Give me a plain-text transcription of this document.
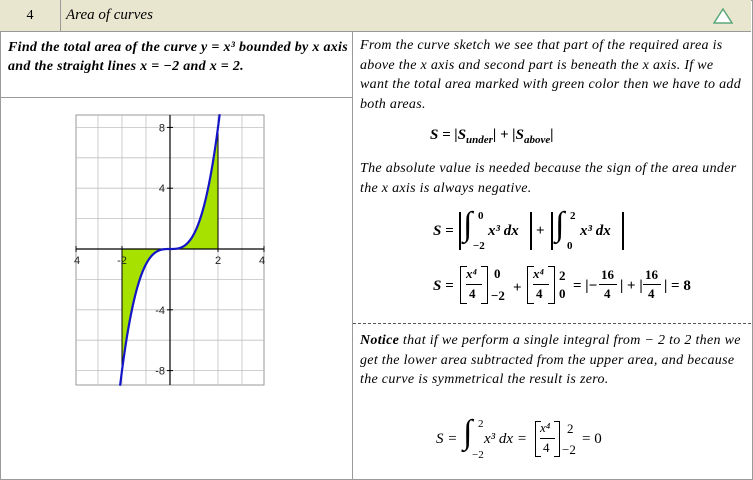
4	Area of curves
Find the total area of the curve y = x³ bounded by x axis and the straight lines x = −2 and x = 2.
4	-2	2	4
8
4
-4
-8
From the curve sketch we see that part of the required area is above the x axis and second part is beneath the x axis. If we want the total area marked with green color then we have to add both areas.
$S = |S_{under}| + |S_{above}|$
The absolute value is needed because the sign of the area under the x axis is always negative.
S = ∫ 0
−2
x³ dx + ∫ 2
0
x³ dx
S =
x⁴
4
0
−2 +
x⁴
4
2
0 = |−
16
4 | + |
16
4 | = 8
Notice that if we perform a single integral from − 2 to 2 then we get the lower area subtracted from the upper area, and because the curve is symmetrical the result is zero.
S = ∫ 2
−2
x³ dx =
x⁴
4
2
−2
= 0
